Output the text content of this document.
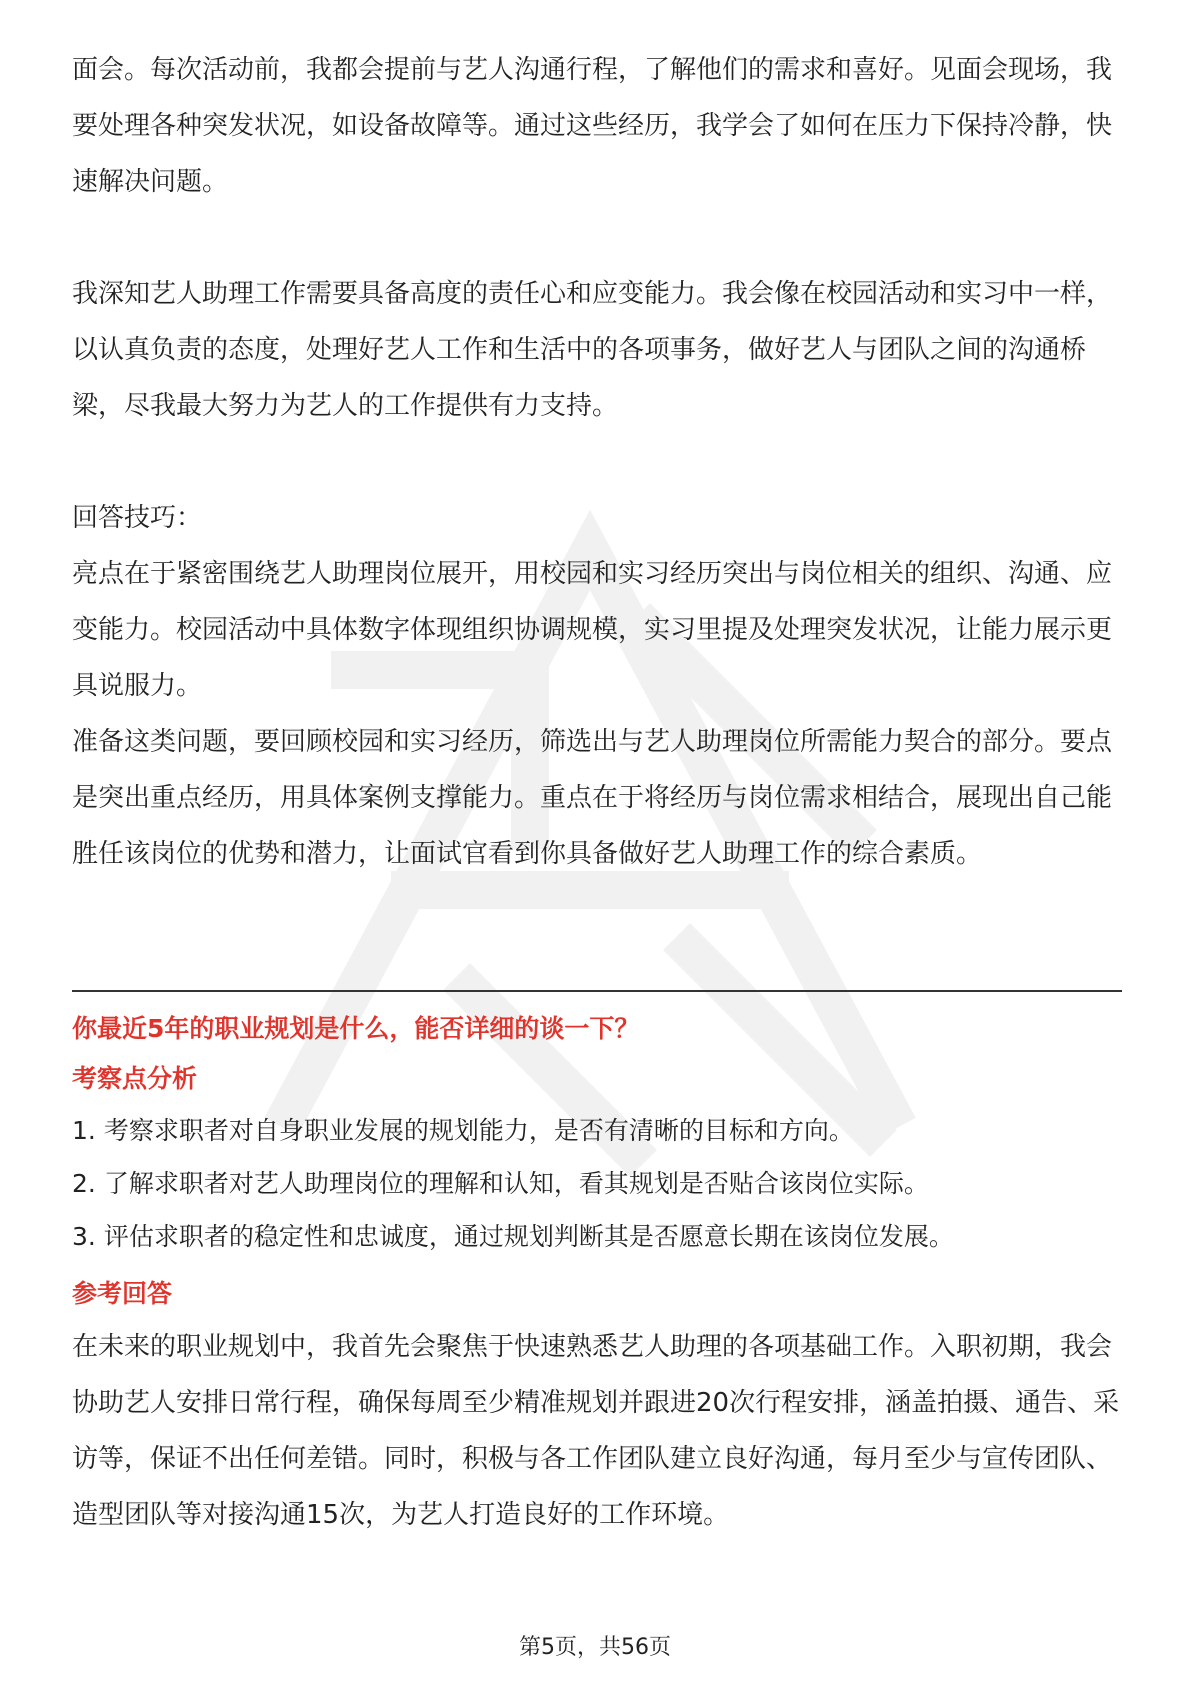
面会。每次活动前，我都会提前与艺人沟通行程，了解他们的需求和喜好。见面会现场，我要处理各种突发状况，如设备故障等。通过这些经历，我学会了如何在压力下保持冷静，快速解决问题。

我深知艺人助理工作需要具备高度的责任心和应变能力。我会像在校园活动和实习中一样，以认真负责的态度，处理好艺人工作和生活中的各项事务，做好艺人与团队之间的沟通桥梁，尽我最大努力为艺人的工作提供有力支持。

回答技巧：

亮点在于紧密围绕艺人助理岗位展开，用校园和实习经历突出与岗位相关的组织、沟通、应变能力。校园活动中具体数字体现组织协调规模，实习里提及处理突发状况，让能力展示更具说服力。

准备这类问题，要回顾校园和实习经历，筛选出与艺人助理岗位所需能力契合的部分。要点是突出重点经历，用具体案例支撑能力。重点在于将经历与岗位需求相结合，展现出自己能胜任该岗位的优势和潜力，让面试官看到你具备做好艺人助理工作的综合素质。

你最近5年的职业规划是什么，能否详细的谈一下？

考察点分析

1. 考察求职者对自身职业发展的规划能力，是否有清晰的目标和方向。
2. 了解求职者对艺人助理岗位的理解和认知，看其规划是否贴合该岗位实际。
3. 评估求职者的稳定性和忠诚度，通过规划判断其是否愿意长期在该岗位发展。

参考回答

在未来的职业规划中，我首先会聚焦于快速熟悉艺人助理的各项基础工作。入职初期，我会协助艺人安排日常行程，确保每周至少精准规划并跟进20次行程安排，涵盖拍摄、通告、采访等，保证不出任何差错。同时，积极与各工作团队建立良好沟通，每月至少与宣传团队、造型团队等对接沟通15次，为艺人打造良好的工作环境。

第5页，共56页
